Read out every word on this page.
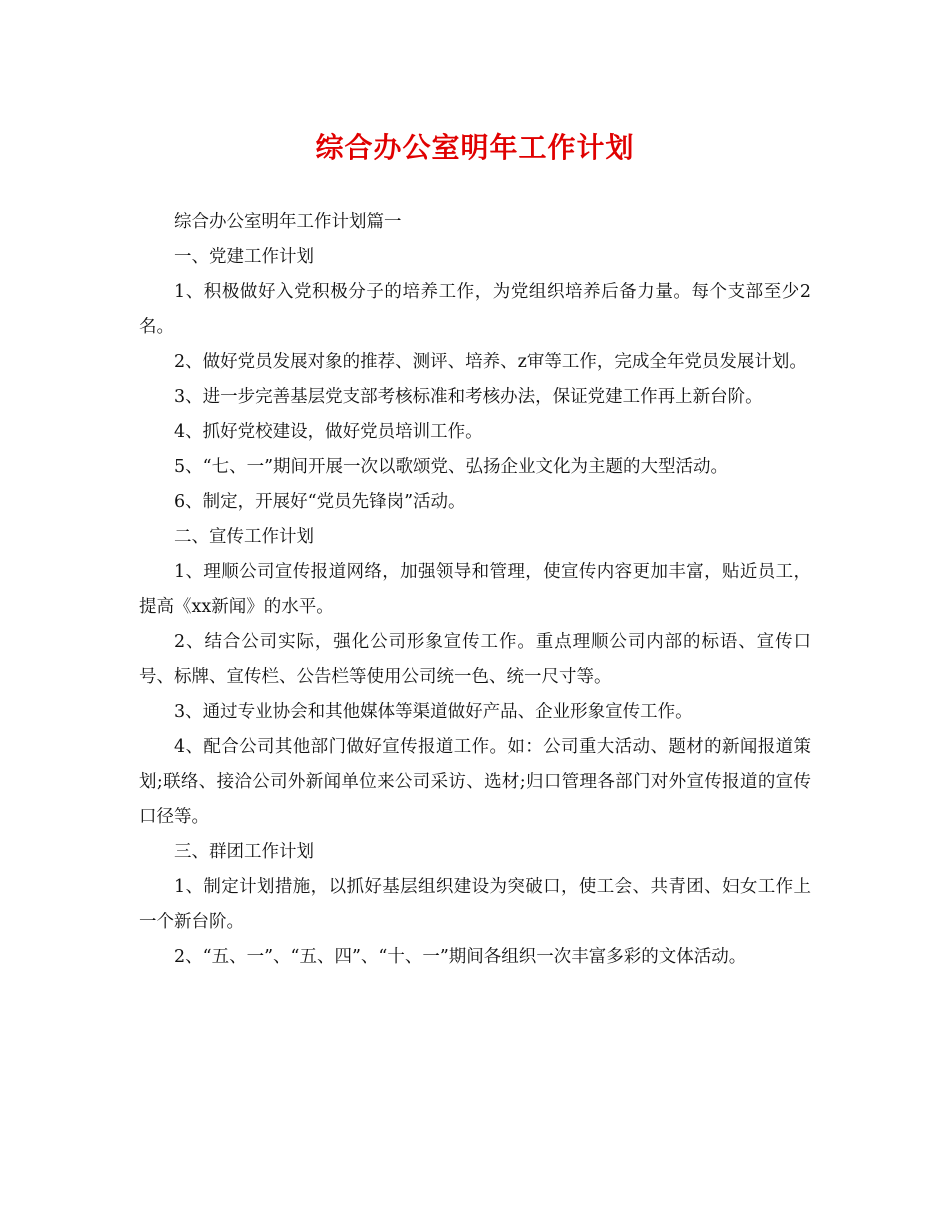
综合办公室明年工作计划

综合办公室明年工作计划篇一

一、党建工作计划

1、积极做好入党积极分子的培养工作，为党组织培养后备力量。每个支部至少2名。

2、做好党员发展对象的推荐、测评、培养、z审等工作，完成全年党员发展计划。

3、进一步完善基层党支部考核标准和考核办法，保证党建工作再上新台阶。

4、抓好党校建设，做好党员培训工作。

5、“七、一”期间开展一次以歌颂党、弘扬企业文化为主题的大型活动。

6、制定，开展好“党员先锋岗”活动。

二、宣传工作计划

1、理顺公司宣传报道网络，加强领导和管理，使宣传内容更加丰富，贴近员工，提高《xx新闻》的水平。

2、结合公司实际，强化公司形象宣传工作。重点理顺公司内部的标语、宣传口号、标牌、宣传栏、公告栏等使用公司统一色、统一尺寸等。

3、通过专业协会和其他媒体等渠道做好产品、企业形象宣传工作。

4、配合公司其他部门做好宣传报道工作。如：公司重大活动、题材的新闻报道策划;联络、接洽公司外新闻单位来公司采访、选材;归口管理各部门对外宣传报道的宣传口径等。

三、群团工作计划

1、制定计划措施，以抓好基层组织建设为突破口，使工会、共青团、妇女工作上一个新台阶。

2、“五、一”、“五、四”、“十、一”期间各组织一次丰富多彩的文体活动。
